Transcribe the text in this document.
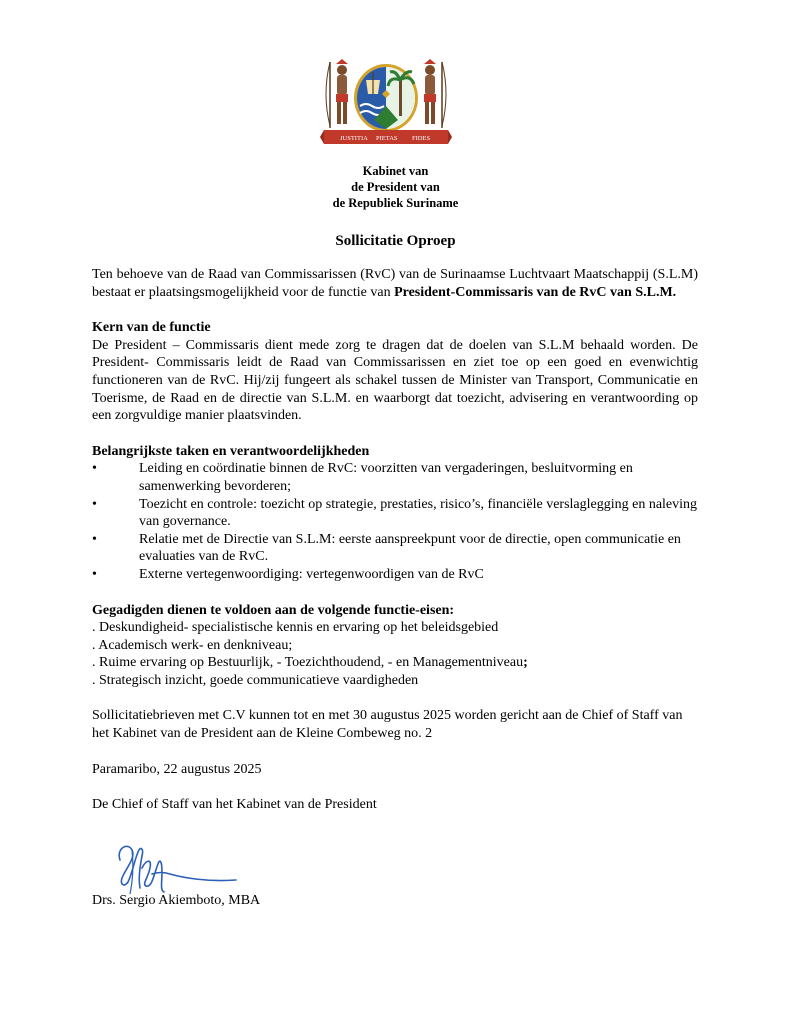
JUSTITIA PIETAS FIDES
Kabinet van
de President van
de Republiek Suriname
Sollicitatie Oproep

Ten behoeve van de Raad van Commissarissen (RvC) van de Surinaamse Luchtvaart Maatschappij (S.L.M) bestaat er plaatsingsmogelijkheid voor de functie van President-Commissaris van de RvC van S.L.M.

Kern van de functie

De President – Commissaris dient mede zorg te dragen dat de doelen van S.L.M behaald worden. De President- Commissaris leidt de Raad van Commissarissen en ziet toe op een goed en evenwichtig functioneren van de RvC. Hij/zij fungeert als schakel tussen de Minister van Transport, Communicatie en Toerisme, de Raad en de directie van S.L.M. en waarborgt dat toezicht, advisering en verantwoording op een zorgvuldige manier plaatsvinden.

Belangrijkste taken en verantwoordelijkheden

•	Leiding en coördinatie binnen de RvC: voorzitten van vergaderingen, besluitvorming en samenwerking bevorderen;
•	Toezicht en controle: toezicht op strategie, prestaties, risico’s, financiële verslaglegging en naleving van governance.
•	Relatie met de Directie van S.L.M: eerste aanspreekpunt voor de directie, open communicatie en evaluaties van de RvC.
•	Externe vertegenwoordiging: vertegenwoordigen van de RvC

Gegadigden dienen te voldoen aan de volgende functie-eisen:

. Deskundigheid- specialistische kennis en ervaring op het beleidsgebied

. Academisch werk- en denkniveau;

. Ruime ervaring op Bestuurlijk, - Toezichthoudend, - en Managementniveau;

. Strategisch inzicht, goede communicatieve vaardigheden

Sollicitatiebrieven met C.V kunnen tot en met 30 augustus 2025 worden gericht aan de Chief of Staff van het Kabinet van de President aan de Kleine Combeweg no. 2

Paramaribo, 22 augustus 2025

De Chief of Staff van het Kabinet van de President

Drs. Sergio Akiemboto, MBA
